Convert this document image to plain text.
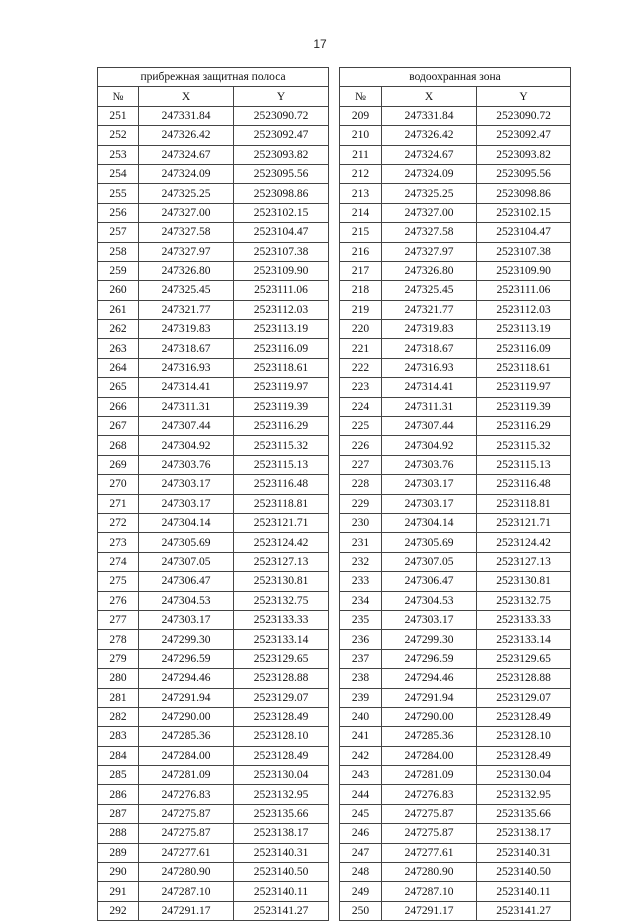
17
прибрежная защитная полоса				водоохранная зона		
№	X	Y		№	X	Y
251	247331.84	2523090.72		209	247331.84	2523090.72
252	247326.42	2523092.47		210	247326.42	2523092.47
253	247324.67	2523093.82		211	247324.67	2523093.82
254	247324.09	2523095.56		212	247324.09	2523095.56
255	247325.25	2523098.86		213	247325.25	2523098.86
256	247327.00	2523102.15		214	247327.00	2523102.15
257	247327.58	2523104.47		215	247327.58	2523104.47
258	247327.97	2523107.38		216	247327.97	2523107.38
259	247326.80	2523109.90		217	247326.80	2523109.90
260	247325.45	2523111.06		218	247325.45	2523111.06
261	247321.77	2523112.03		219	247321.77	2523112.03
262	247319.83	2523113.19		220	247319.83	2523113.19
263	247318.67	2523116.09		221	247318.67	2523116.09
264	247316.93	2523118.61		222	247316.93	2523118.61
265	247314.41	2523119.97		223	247314.41	2523119.97
266	247311.31	2523119.39		224	247311.31	2523119.39
267	247307.44	2523116.29		225	247307.44	2523116.29
268	247304.92	2523115.32		226	247304.92	2523115.32
269	247303.76	2523115.13		227	247303.76	2523115.13
270	247303.17	2523116.48		228	247303.17	2523116.48
271	247303.17	2523118.81		229	247303.17	2523118.81
272	247304.14	2523121.71		230	247304.14	2523121.71
273	247305.69	2523124.42		231	247305.69	2523124.42
274	247307.05	2523127.13		232	247307.05	2523127.13
275	247306.47	2523130.81		233	247306.47	2523130.81
276	247304.53	2523132.75		234	247304.53	2523132.75
277	247303.17	2523133.33		235	247303.17	2523133.33
278	247299.30	2523133.14		236	247299.30	2523133.14
279	247296.59	2523129.65		237	247296.59	2523129.65
280	247294.46	2523128.88		238	247294.46	2523128.88
281	247291.94	2523129.07		239	247291.94	2523129.07
282	247290.00	2523128.49		240	247290.00	2523128.49
283	247285.36	2523128.10		241	247285.36	2523128.10
284	247284.00	2523128.49		242	247284.00	2523128.49
285	247281.09	2523130.04		243	247281.09	2523130.04
286	247276.83	2523132.95		244	247276.83	2523132.95
287	247275.87	2523135.66		245	247275.87	2523135.66
288	247275.87	2523138.17		246	247275.87	2523138.17
289	247277.61	2523140.31		247	247277.61	2523140.31
290	247280.90	2523140.50		248	247280.90	2523140.50
291	247287.10	2523140.11		249	247287.10	2523140.11
292	247291.17	2523141.27		250	247291.17	2523141.27
